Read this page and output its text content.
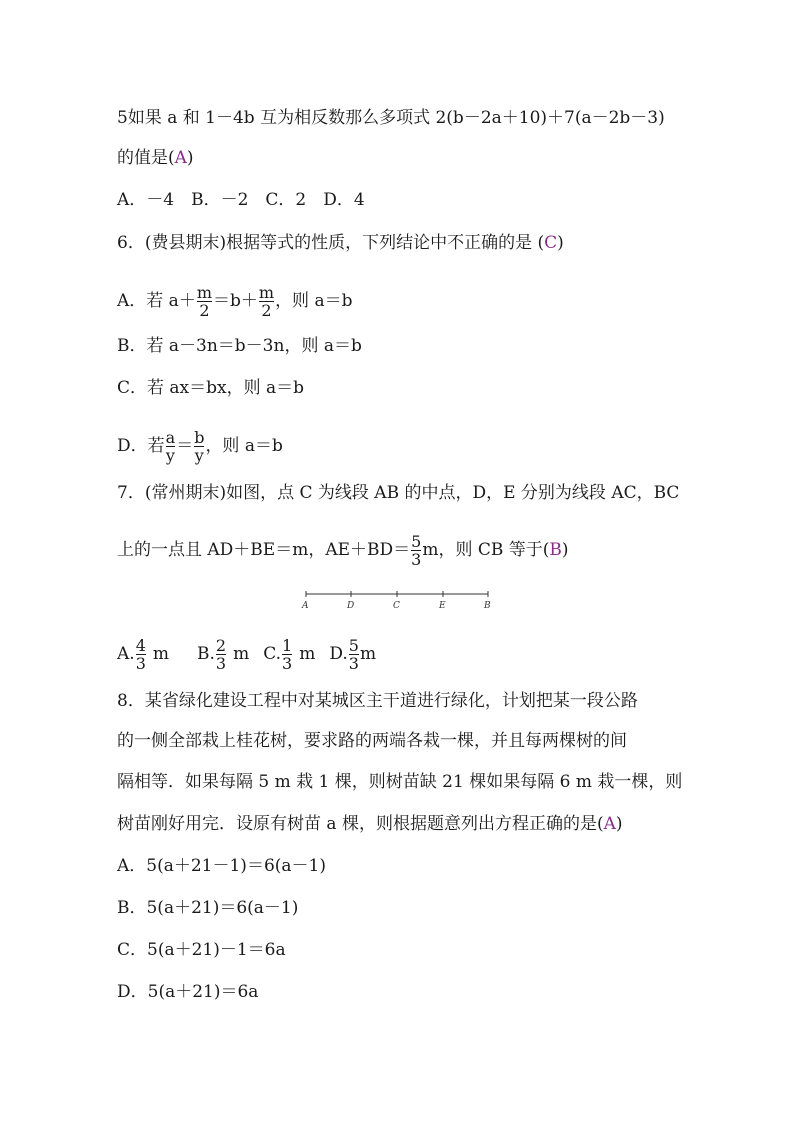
5如果 a 和 1－4b 互为相反数那么多项式 2(b－2a＋10)＋7(a－2b－3)
的值是(A)
A．－4　B．－2　C．2　D．4
6．(费县期末)根据等式的性质，下列结论中不正确的是 (C)
A．若 $a+ \frac{m}{2} =b+ \frac{m}{2}$ ，则 a＝b
B．若 a－3n＝b－3n，则 a＝b
C．若 ax＝bx，则 a＝b
D．若 $\frac{a}{y} = \frac{b}{y}$ ，则 a＝b
7．(常州期末)如图，点 C 为线段 AB 的中点，D，E 分别为线段 AC，BC
上的一点且 AD＋BE＝m，$AE+BD= \frac{5}{3}$ m，则 CB 等于(B)
A	D	C	E	B
A. $\frac{4}{3}$ m B. $\frac{2}{3}$ m C. $\frac{1}{3}$ m D. $\frac{5}{3}$ m
8．某省绿化建设工程中对某城区主干道进行绿化，计划把某一段公路
的一侧全部栽上桂花树，要求路的两端各栽一棵，并且每两棵树的间
隔相等．如果每隔 5 m 栽 1 棵，则树苗缺 21 棵如果每隔 6 m 栽一棵，则
树苗刚好用完．设原有树苗 a 棵，则根据题意列出方程正确的是(A)
A．5(a＋21－1)＝6(a－1)
B．5(a＋21)＝6(a－1)
C．5(a＋21)－1＝6a
D．5(a＋21)＝6a
